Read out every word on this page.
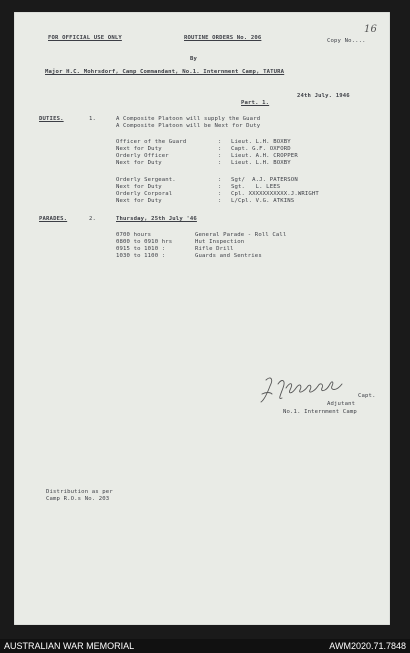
FOR OFFICIAL USE ONLY	ROUTINE ORDERS No. 206	Copy No....
16
By
Major H.C. Mohrsdorf, Camp Commandant, No.1. Internment Camp, TATURA
24th July. 1946
Part. 1.
DUTIES.	1.	A Composite Platoon will supply the Guard
A Composite Platoon will be Next for Duty
Officer of the Guard	: Lieut. L.H. BOXBY
Next for Duty	: Capt. G.F. OXFORD
Orderly Officer	: Lieut. A.H. CROPPER
Next for Duty	: Lieut. L.H. BOXBY
Orderly Sergeant.	: Sgt/  A.J. PATERSON
Next for Duty	: Sgt.   L. LEES
Orderly Corporal	: Cpl. XXXXXXXXXXX.J.WRIGHT
Next for Duty	: L/Cpl. V.G. ATKINS
PARADES.	2.	Thursday, 25th July '46
0700 hours	General Parade - Roll Call
0800 to 0910 hrs	Hut Inspection
0915 to 1010 :	Rifle Drill
1030 to 1100 :	Guards and Sentries
Capt.
Adjutant
No.1. Internment Camp
Distribution as per
Camp R.O.s No. 203
AUSTRALIAN WAR MEMORIAL	AWM2020.71.7848
